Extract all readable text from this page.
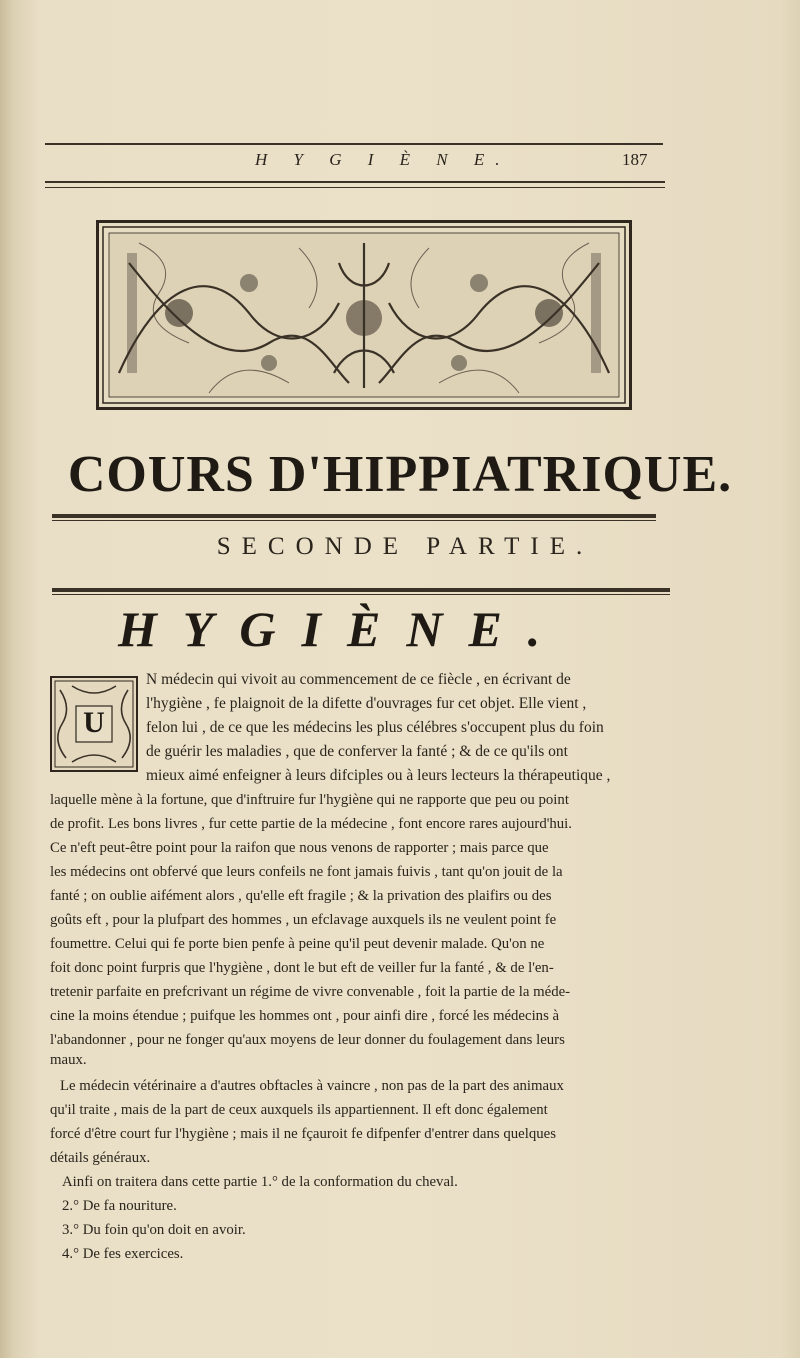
H Y G I È N E.	187
COURS D'HIPPIATRIQUE.
SECONDE PARTIE.
HYGIÈNE.
U
N médecin qui vivoit au commencement de ce fiècle , en écrivant de
l'hygiène , fe plaignoit de la difette d'ouvrages fur cet objet. Elle vient ,
felon lui , de ce que les médecins les plus célébres s'occupent plus du foin
de guérir les maladies , que de conferver la fanté ; & de ce qu'ils ont
mieux aimé enfeigner à leurs difciples ou à leurs lecteurs la thérapeutique ,
laquelle mène à la fortune, que d'inftruire fur l'hygiène qui ne rapporte que peu ou point
de profit. Les bons livres , fur cette partie de la médecine , font encore rares aujourd'hui.
Ce n'eft peut-être point pour la raifon que nous venons de rapporter ; mais parce que
les médecins ont obfervé que leurs confeils ne font jamais fuivis , tant qu'on jouit de la
fanté ; on oublie aifément alors , qu'elle eft fragile ; & la privation des plaifirs ou des
goûts eft , pour la plufpart des hommes , un efclavage auxquels ils ne veulent point fe
foumettre. Celui qui fe porte bien penfe à peine qu'il peut devenir malade. Qu'on ne
foit donc point furpris que l'hygiène , dont le but eft de veiller fur la fanté , & de l'en-
tretenir parfaite en prefcrivant un régime de vivre convenable , foit la partie de la méde-
cine la moins étendue ; puifque les hommes ont , pour ainfi dire , forcé les médecins à
l'abandonner , pour ne fonger qu'aux moyens de leur donner du foulagement dans leurs
maux.
Le médecin vétérinaire a d'autres obftacles à vaincre , non pas de la part des animaux
qu'il traite , mais de la part de ceux auxquels ils appartiennent. Il eft donc également
forcé d'être court fur l'hygiène ; mais il ne fçauroit fe difpenfer d'entrer dans quelques
détails généraux.
Ainfi on traitera dans cette partie 1.° de la conformation du cheval.
2.° De fa nouriture.
3.° Du foin qu'on doit en avoir.
4.° De fes exercices.
